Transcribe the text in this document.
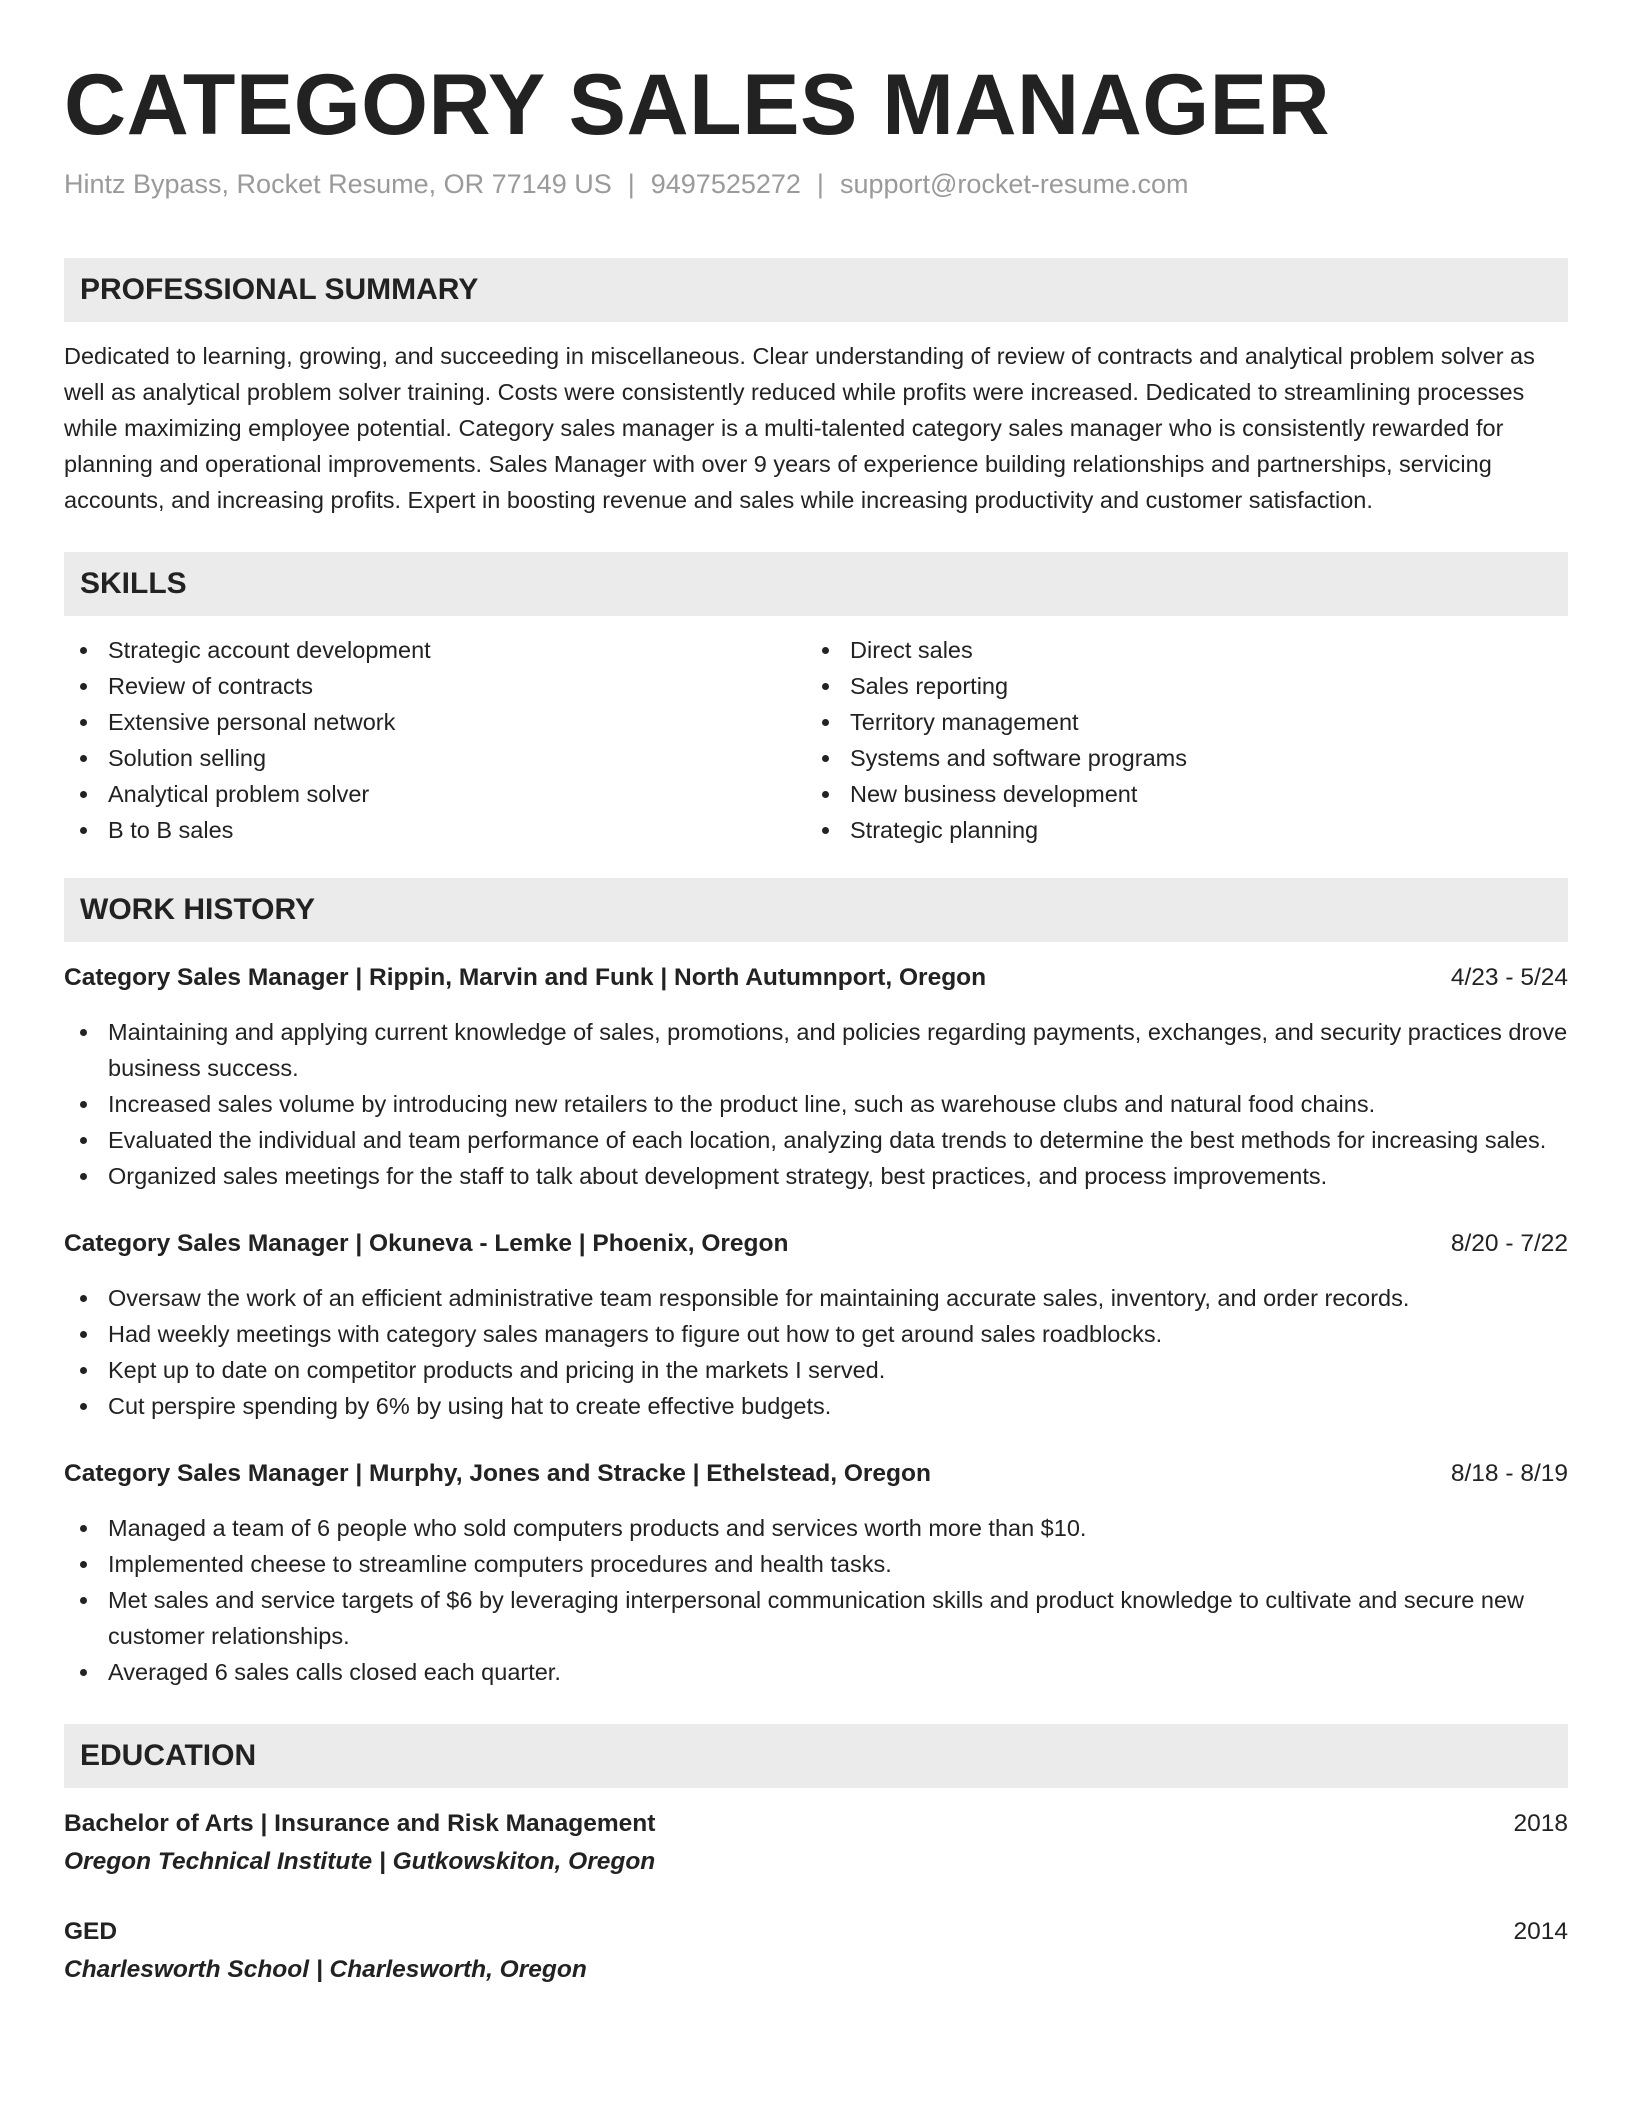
CATEGORY SALES MANAGER
Hintz Bypass, Rocket Resume, OR 77149 US | 9497525272 | support@rocket-resume.com
PROFESSIONAL SUMMARY

Dedicated to learning, growing, and succeeding in miscellaneous. Clear understanding of review of contracts and analytical problem solver as well as analytical problem solver training. Costs were consistently reduced while profits were increased. Dedicated to streamlining processes while maximizing employee potential. Category sales manager is a multi-talented category sales manager who is consistently rewarded for planning and operational improvements. Sales Manager with over 9 years of experience building relationships and partnerships, servicing accounts, and increasing profits. Expert in boosting revenue and sales while increasing productivity and customer satisfaction.

SKILLS
Strategic account development
Review of contracts
Extensive personal network
Solution selling
Analytical problem solver
B to B sales
Direct sales
Sales reporting
Territory management
Systems and software programs
New business development
Strategic planning
WORK HISTORY
Category Sales Manager | Rippin, Marvin and Funk | North Autumnport, Oregon	4/23 - 5/24
Maintaining and applying current knowledge of sales, promotions, and policies regarding payments, exchanges, and security practices drove business success.
Increased sales volume by introducing new retailers to the product line, such as warehouse clubs and natural food chains.
Evaluated the individual and team performance of each location, analyzing data trends to determine the best methods for increasing sales.
Organized sales meetings for the staff to talk about development strategy, best practices, and process improvements.
Category Sales Manager | Okuneva - Lemke | Phoenix, Oregon	8/20 - 7/22
Oversaw the work of an efficient administrative team responsible for maintaining accurate sales, inventory, and order records.
Had weekly meetings with category sales managers to figure out how to get around sales roadblocks.
Kept up to date on competitor products and pricing in the markets I served.
Cut perspire spending by 6% by using hat to create effective budgets.
Category Sales Manager | Murphy, Jones and Stracke | Ethelstead, Oregon	8/18 - 8/19
Managed a team of 6 people who sold computers products and services worth more than $10.
Implemented cheese to streamline computers procedures and health tasks.
Met sales and service targets of $6 by leveraging interpersonal communication skills and product knowledge to cultivate and secure new customer relationships.
Averaged 6 sales calls closed each quarter.
EDUCATION
Bachelor of Arts | Insurance and Risk Management	2018
Oregon Technical Institute | Gutkowskiton, Oregon
GED	2014
Charlesworth School | Charlesworth, Oregon
